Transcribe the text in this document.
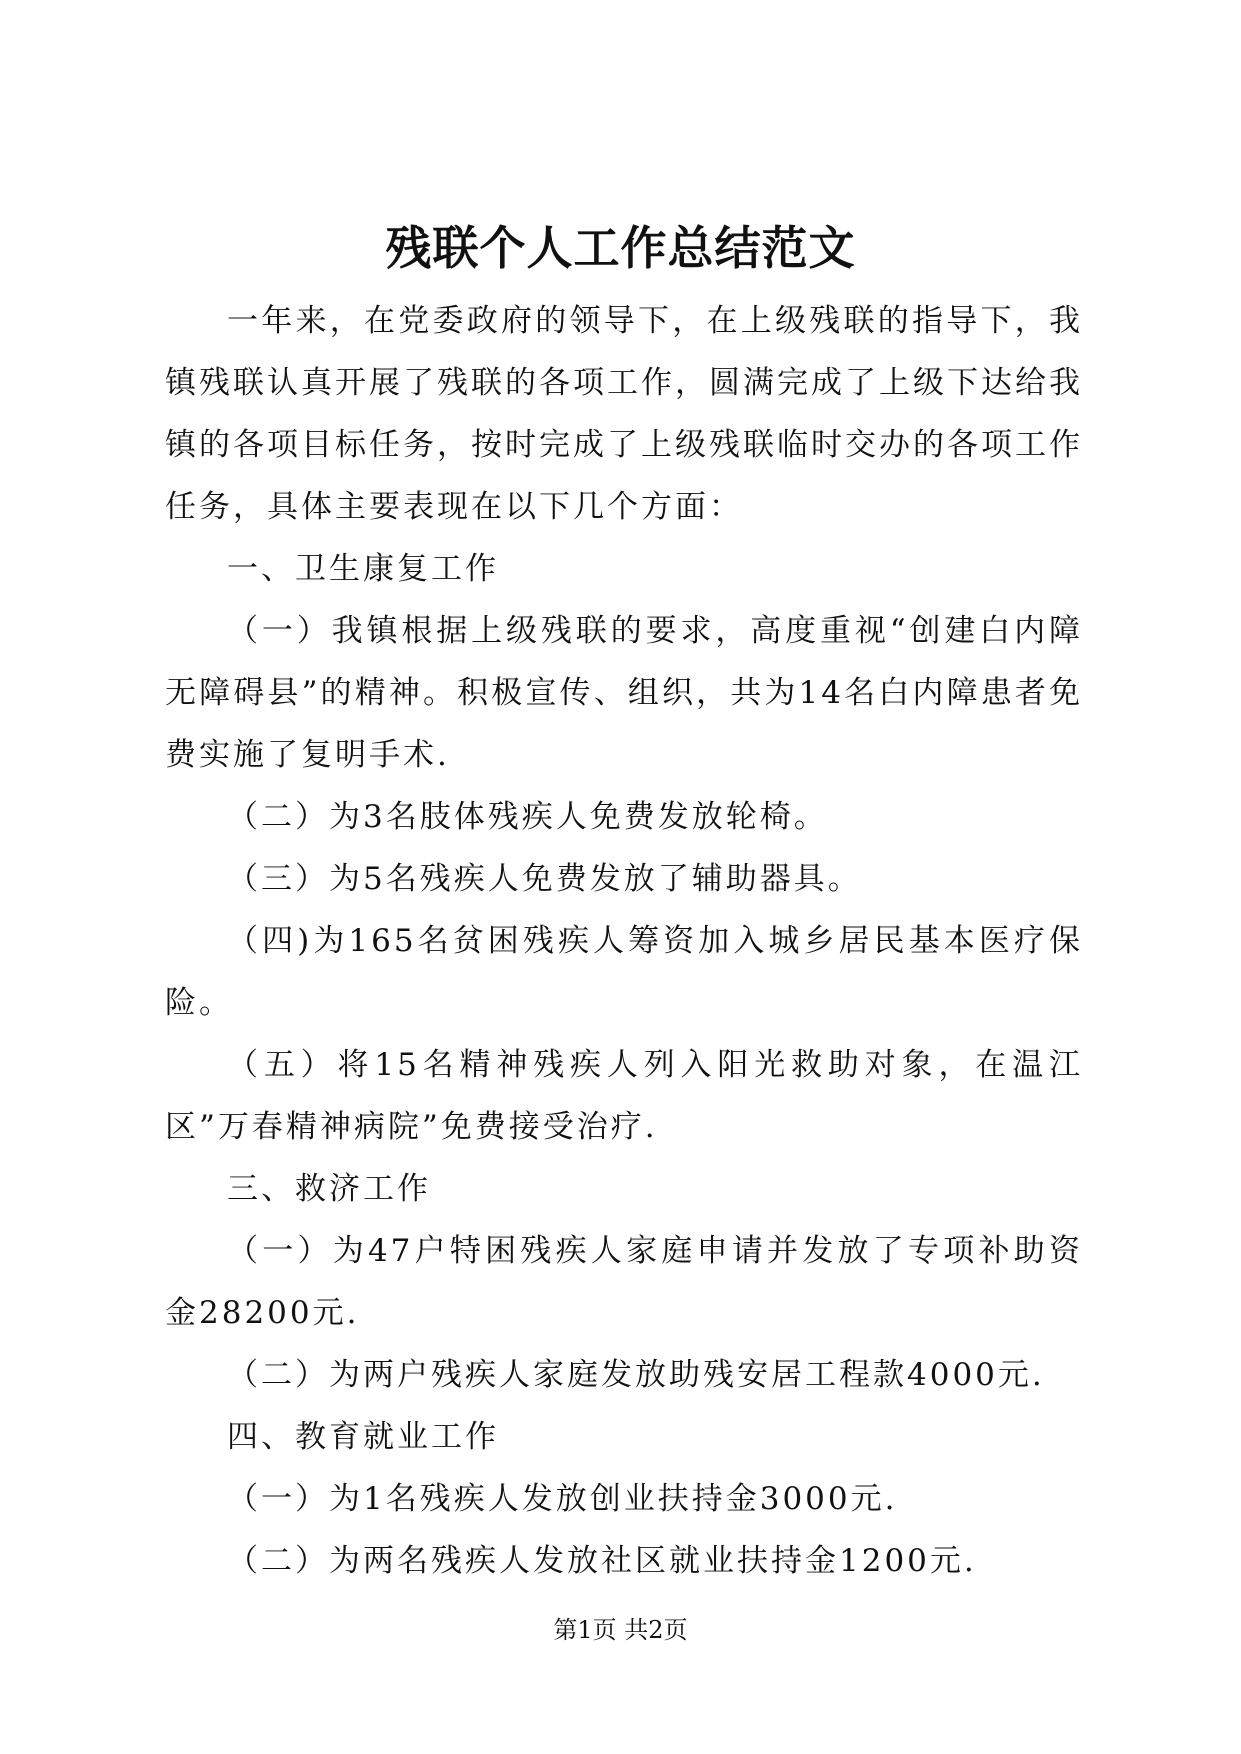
残联个人工作总结范文

一年来，在党委政府的领导下，在上级残联的指导下，我镇残联认真开展了残联的各项工作，圆满完成了上级下达给我镇的各项目标任务，按时完成了上级残联临时交办的各项工作任务，具体主要表现在以下几个方面：

一、卫生康复工作

（一）我镇根据上级残联的要求，高度重视“创建白内障无障碍县”的精神。积极宣传、组织，共为14名白内障患者免费实施了复明手术.

（二）为3名肢体残疾人免费发放轮椅。

（三）为5名残疾人免费发放了辅助器具。

（四)为165名贫困残疾人筹资加入城乡居民基本医疗保险。

（五）将15名精神残疾人列入阳光救助对象，在温江区”万春精神病院”免费接受治疗.

三、救济工作

（一）为47户特困残疾人家庭申请并发放了专项补助资金28200元.

（二）为两户残疾人家庭发放助残安居工程款4000元.

四、教育就业工作

（一）为1名残疾人发放创业扶持金3000元.

（二）为两名残疾人发放社区就业扶持金1200元.

第1页 共2页
